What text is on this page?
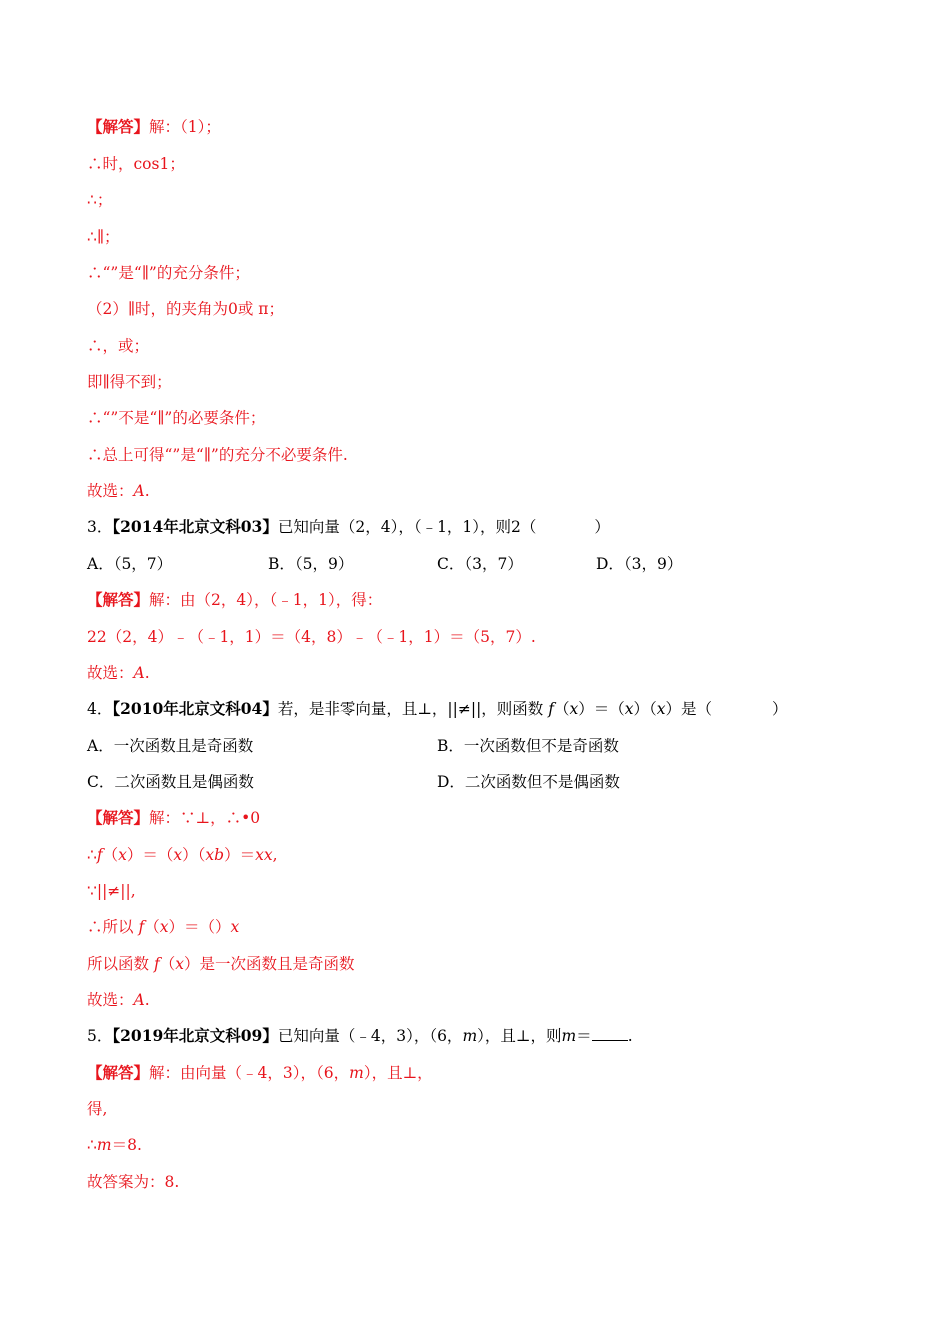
【解答】解：（1）；
∴时，cos1；
∴；
∴∥；
∴“”是“∥”的充分条件；
（2）∥时，的夹角为0或 π；
∴，或；
即∥得不到；
∴“”不是“∥”的必要条件；
∴总上可得“”是“∥”的充分不必要条件.
故选：A.
3．【2014年北京文科03】已知向量（2，4），（﹣1，1），则2（	）
A．（5，7）	B．（5，9）	C．（3，7）	D．（3，9）
【解答】解：由（2，4），（﹣1，1），得：
22（2，4）﹣（﹣1，1）＝（4，8）﹣（﹣1，1）＝（5，7）.
故选：A.
4．【2010年北京文科04】若，是非零向量，且⊥，||≠||，则函数 f（x）＝（x）（x）是（	）
A．一次函数且是奇函数	B．一次函数但不是奇函数
C．二次函数且是偶函数	D．二次函数但不是偶函数
【解答】解：∵⊥，∴•0
∴f（x）＝（x）（xb）＝xx,
∵||≠||,
∴所以 f（x）＝（）x
所以函数 f（x）是一次函数且是奇函数
故选：A.
5．【2019年北京文科09】已知向量（﹣4，3），（6，m），且⊥，则m＝ .
【解答】解：由向量（﹣4，3），（6，m），且⊥，
得,
∴m＝8.
故答案为：8.
